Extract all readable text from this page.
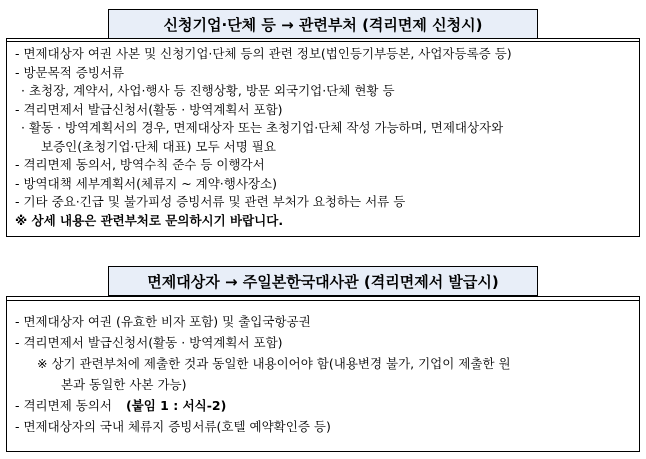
신청기업·단체 등 → 관련부처 (격리면제 신청시)
- 면제대상자 여권 사본 및 신청기업·단체 등의 관련 정보(법인등기부등본, 사업자등록증 등)
- 방문목적 증빙서류
· 초청장, 계약서, 사업·행사 등 진행상황, 방문 외국기업·단체 현황 등
- 격리면제서 발급신청서(활동 · 방역계획서 포함)
· 활동 · 방역계획서의 경우, 면제대상자 또는 초청기업·단체 작성 가능하며, 면제대상자와
보증인(초청기업·단체 대표) 모두 서명 필요
- 격리면제 동의서, 방역수칙 준수 등 이행각서
- 방역대책 세부계획서(체류지 ~ 계약·행사장소)
- 기타 중요·긴급 및 불가피성 증빙서류 및 관련 부처가 요청하는 서류 등
※ 상세 내용은 관련부처로 문의하시기 바랍니다.
면제대상자 → 주일본한국대사관 (격리면제서 발급시)
- 면제대상자 여권 (유효한 비자 포함) 및 출입국항공권
- 격리면제서 발급신청서(활동 · 방역계획서 포함)
※ 상기 관련부처에 제출한 것과 동일한 내용이어야 함(내용변경 불가, 기업이 제출한 원
본과 동일한 사본 가능)
- 격리면제 동의서 (붙임 1 : 서식-2)
- 면제대상자의 국내 체류지 증빙서류(호텔 예약확인증 등)
